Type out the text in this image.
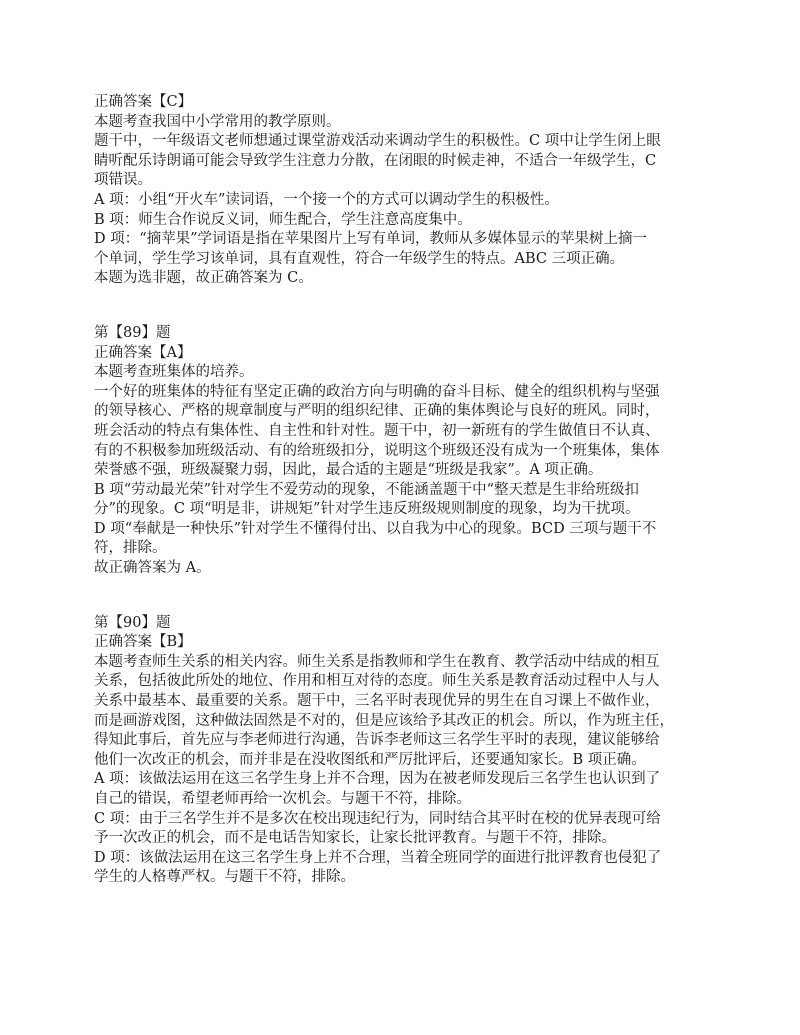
正确答案【C】
本题考查我国中小学常用的教学原则。
题干中，一年级语文老师想通过课堂游戏活动来调动学生的积极性。C 项中让学生闭上眼
睛听配乐诗朗诵可能会导致学生注意力分散，在闭眼的时候走神，不适合一年级学生，C
项错误。
A 项：小组“开火车”读词语，一个接一个的方式可以调动学生的积极性。
B 项：师生合作说反义词，师生配合，学生注意高度集中。
D 项：“摘苹果”学词语是指在苹果图片上写有单词，教师从多媒体显示的苹果树上摘一
个单词，学生学习该单词，具有直观性，符合一年级学生的特点。ABC 三项正确。
本题为选非题，故正确答案为 C。
第【89】题
正确答案【A】
本题考查班集体的培养。
一个好的班集体的特征有坚定正确的政治方向与明确的奋斗目标、健全的组织机构与坚强
的领导核心、严格的规章制度与严明的组织纪律、正确的集体舆论与良好的班风。同时，
班会活动的特点有集体性、自主性和针对性。题干中，初一新班有的学生做值日不认真、
有的不积极参加班级活动、有的给班级扣分，说明这个班级还没有成为一个班集体，集体
荣誉感不强，班级凝聚力弱，因此，最合适的主题是“班级是我家”。A 项正确。
B 项“劳动最光荣”针对学生不爱劳动的现象，不能涵盖题干中“整天惹是生非给班级扣
分”的现象。C 项“明是非，讲规矩”针对学生违反班级规则制度的现象，均为干扰项。
D 项“奉献是一种快乐”针对学生不懂得付出、以自我为中心的现象。BCD 三项与题干不
符，排除。
故正确答案为 A。
第【90】题
正确答案【B】
本题考查师生关系的相关内容。师生关系是指教师和学生在教育、教学活动中结成的相互
关系，包括彼此所处的地位、作用和相互对待的态度。师生关系是教育活动过程中人与人
关系中最基本、最重要的关系。题干中，三名平时表现优异的男生在自习课上不做作业，
而是画游戏图，这种做法固然是不对的，但是应该给予其改正的机会。所以，作为班主任，
得知此事后，首先应与李老师进行沟通，告诉李老师这三名学生平时的表现，建议能够给
他们一次改正的机会，而并非是在没收图纸和严厉批评后，还要通知家长。B 项正确。
A 项：该做法运用在这三名学生身上并不合理，因为在被老师发现后三名学生也认识到了
自己的错误，希望老师再给一次机会。与题干不符，排除。
C 项：由于三名学生并不是多次在校出现违纪行为，同时结合其平时在校的优异表现可给
予一次改正的机会，而不是电话告知家长，让家长批评教育。与题干不符，排除。
D 项：该做法运用在这三名学生身上并不合理，当着全班同学的面进行批评教育也侵犯了
学生的人格尊严权。与题干不符，排除。
